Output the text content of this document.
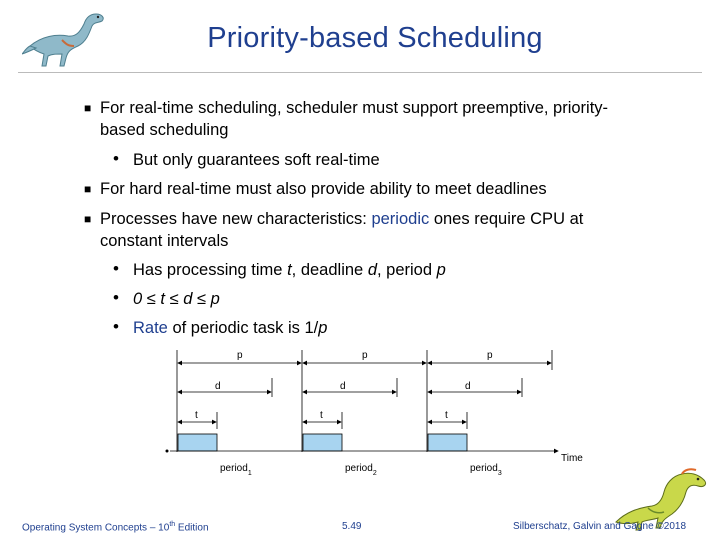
Priority-based Scheduling
■ For real-time scheduling, scheduler must support preemptive, priority-
based scheduling
• But only guarantees soft real-time
■ For hard real-time must also provide ability to meet deadlines
■ Processes have new characteristics: periodic ones require CPU at
constant intervals
• Has processing time t, deadline d, period p
• 0 ≤ t ≤ d ≤ p
• Rate of periodic task is 1/p
p	p	p
d	d	d
t	t	t
Time
period$_1$	period$_2$	period$_3$
Operating System Concepts – 10th Edition	5.49	Silberschatz, Galvin and Gagne ©2018
